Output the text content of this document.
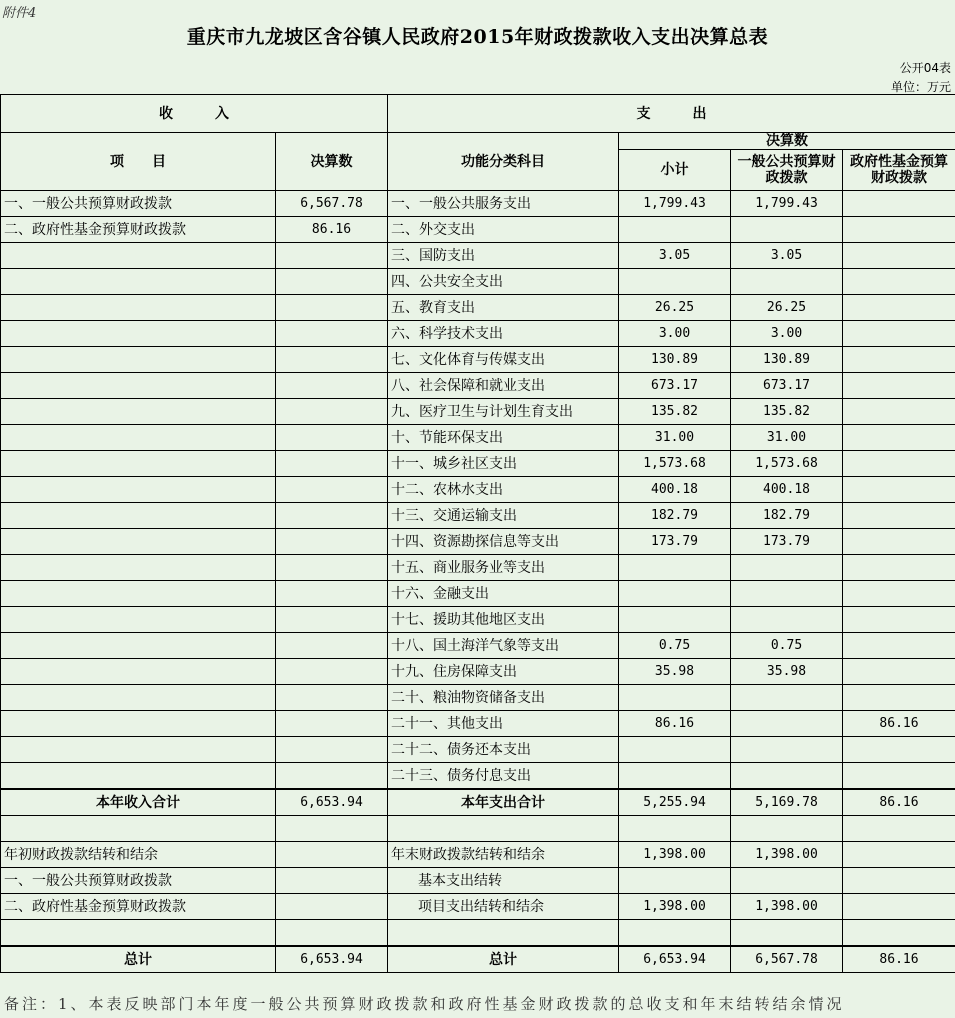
附件4
重庆市九龙坡区含谷镇人民政府2015年财政拨款收入支出决算总表
公开04表
单位：万元
收　　　入		支　　　出			
项　　目	决算数	功能分类科目	决算数		
			小计	一般公共预算财政拨款	政府性基金预算财政拨款
一、一般公共预算财政拨款	6,567.78	一、一般公共服务支出	1,799.43	1,799.43	
二、政府性基金预算财政拨款	86.16	二、外交支出			
		三、国防支出	3.05	3.05	
		四、公共安全支出			
		五、教育支出	26.25	26.25	
		六、科学技术支出	3.00	3.00	
		七、文化体育与传媒支出	130.89	130.89	
		八、社会保障和就业支出	673.17	673.17	
		九、医疗卫生与计划生育支出	135.82	135.82	
		十、节能环保支出	31.00	31.00	
		十一、城乡社区支出	1,573.68	1,573.68	
		十二、农林水支出	400.18	400.18	
		十三、交通运输支出	182.79	182.79	
		十四、资源勘探信息等支出	173.79	173.79	
		十五、商业服务业等支出			
		十六、金融支出			
		十七、援助其他地区支出			
		十八、国土海洋气象等支出	0.75	0.75	
		十九、住房保障支出	35.98	35.98	
		二十、粮油物资储备支出			
		二十一、其他支出	86.16		86.16
		二十二、债务还本支出			
		二十三、债务付息支出			
本年收入合计	6,653.94	本年支出合计	5,255.94	5,169.78	86.16

年初财政拨款结转和结余		年末财政拨款结转和结余	1,398.00	1,398.00	
一、一般公共预算财政拨款		基本支出结转			
二、政府性基金预算财政拨款		项目支出结转和结余	1,398.00	1,398.00	

总计	6,653.94	总计	6,653.94	6,567.78	86.16
备注：1、本表反映部门本年度一般公共预算财政拨款和政府性基金财政拨款的总收支和年末结转结余情况
